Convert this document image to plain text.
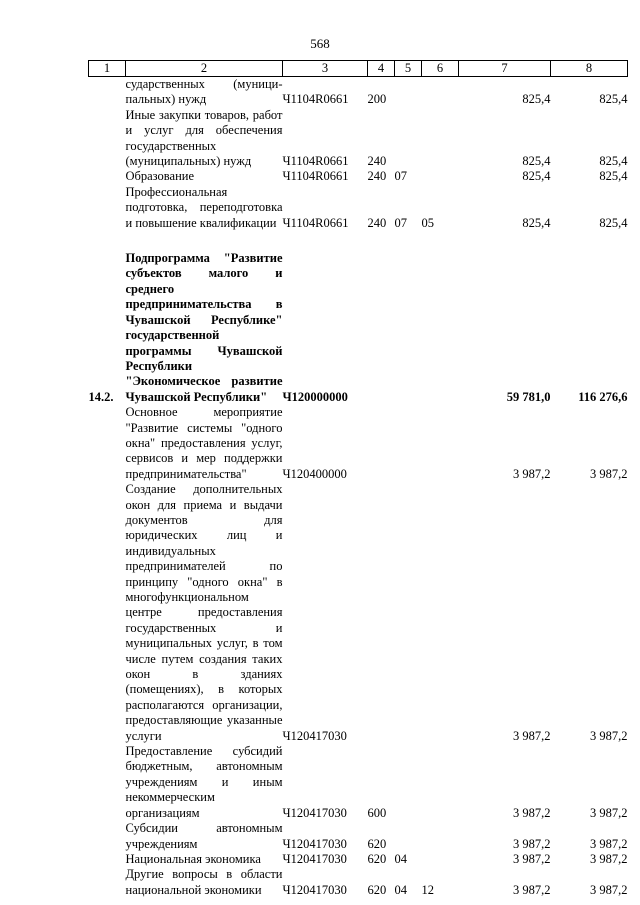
568
1	2	3	4	5	6	7	8
	сударственных (муници-пальных) нужд	Ч1104R0661	200			825,4	825,4
	Иные закупки товаров, работ и услуг для обеспечения государственных (муниципальных) нужд	Ч1104R0661	240			825,4	825,4
	Образование	Ч1104R0661	240	07		825,4	825,4
	Профессиональная подготовка, переподготовка и повышение квалификации	Ч1104R0661	240	07	05	825,4	825,4

14.2.	Подпрограмма "Развитие субъектов малого и среднего предпринимательства в Чувашской Республике" государственной программы Чувашской Республики "Экономическое развитие Чувашской Республики"	Ч120000000				59 781,0	116 276,6
	Основное мероприятие "Развитие системы "одного окна" предоставления услуг, сервисов и мер поддержки предпринимательства"	Ч120400000				3 987,2	3 987,2
	Создание дополнительных окон для приема и выдачи документов для юридических лиц и индивидуальных предпринимателей по принципу "одного окна" в многофункциональном центре предоставления государственных и муниципальных услуг, в том числе путем создания таких окон в зданиях (помещениях), в которых располагаются организации, предоставляющие указанные услуги	Ч120417030				3 987,2	3 987,2
	Предоставление субсидий бюджетным, автономным учреждениям и иным некоммерческим организациям	Ч120417030	600			3 987,2	3 987,2
	Субсидии автономным учреждениям	Ч120417030	620			3 987,2	3 987,2
	Национальная экономика	Ч120417030	620	04		3 987,2	3 987,2
	Другие вопросы в области национальной экономики	Ч120417030	620	04	12	3 987,2	3 987,2
